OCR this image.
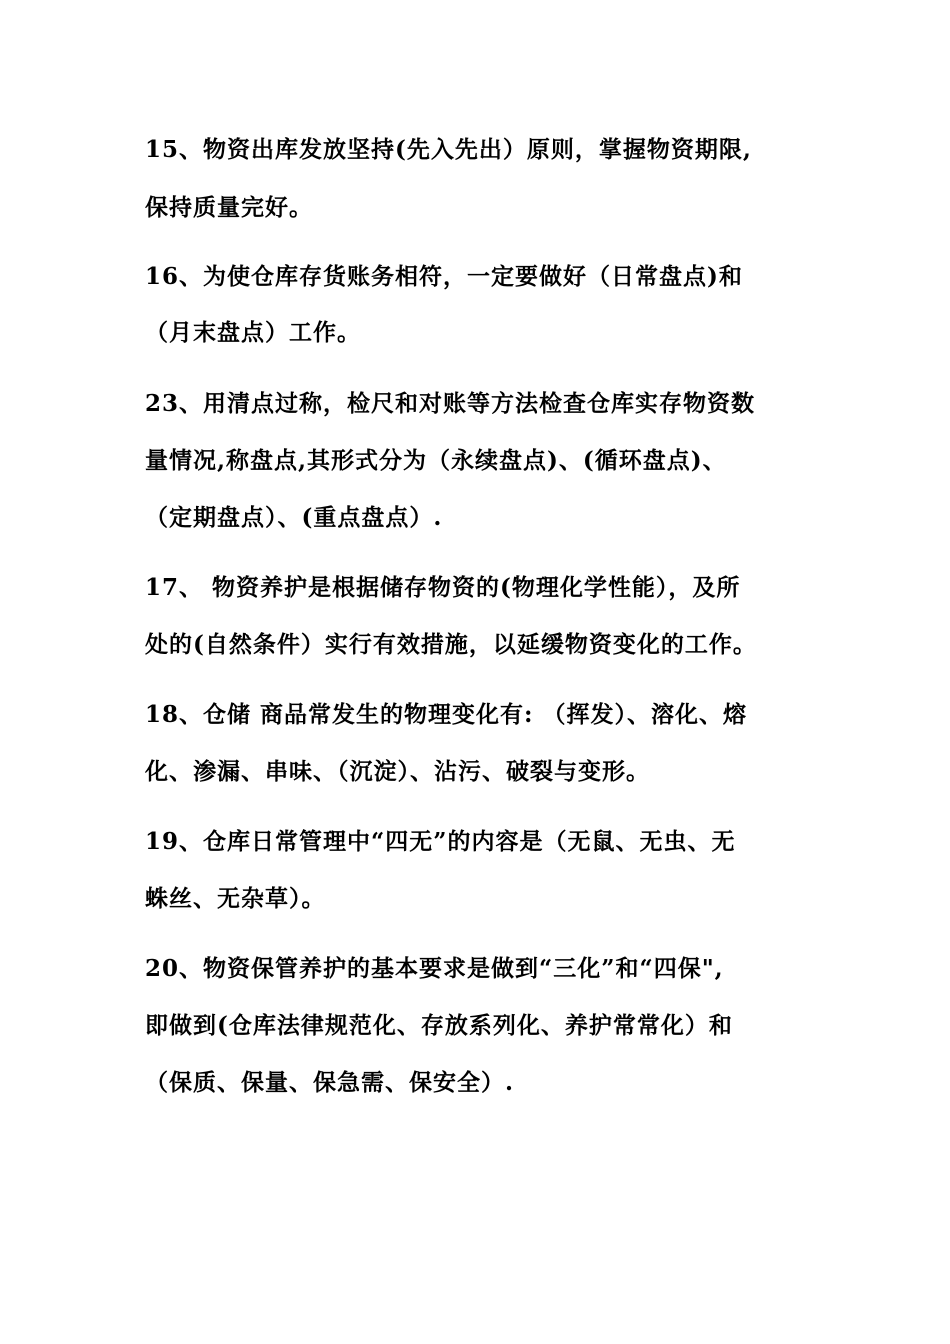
15、物资出库发放坚持(先入先出）原则，掌握物资期限,
保持质量完好。
16、为使仓库存货账务相符，一定要做好（日常盘点)和
（月末盘点）工作。
23、用清点过称，检尺和对账等方法检查仓库实存物资数
量情况,称盘点,其形式分为（永续盘点)、(循环盘点)、
（定期盘点）、(重点盘点）.
17、 物资养护是根据储存物资的(物理化学性能），及所
处的(自然条件）实行有效措施，以延缓物资变化的工作。
18、仓储 商品常发生的物理变化有: （挥发）、溶化、熔
化、渗漏、串味、（沉淀）、沾污、破裂与变形。
19、仓库日常管理中“四无”的内容是（无鼠、无虫、无
蛛丝、无杂草）。
20、物资保管养护的基本要求是做到“三化”和“四保",
即做到(仓库法律规范化、存放系列化、养护常常化）和
（保质、保量、保急需、保安全）.
